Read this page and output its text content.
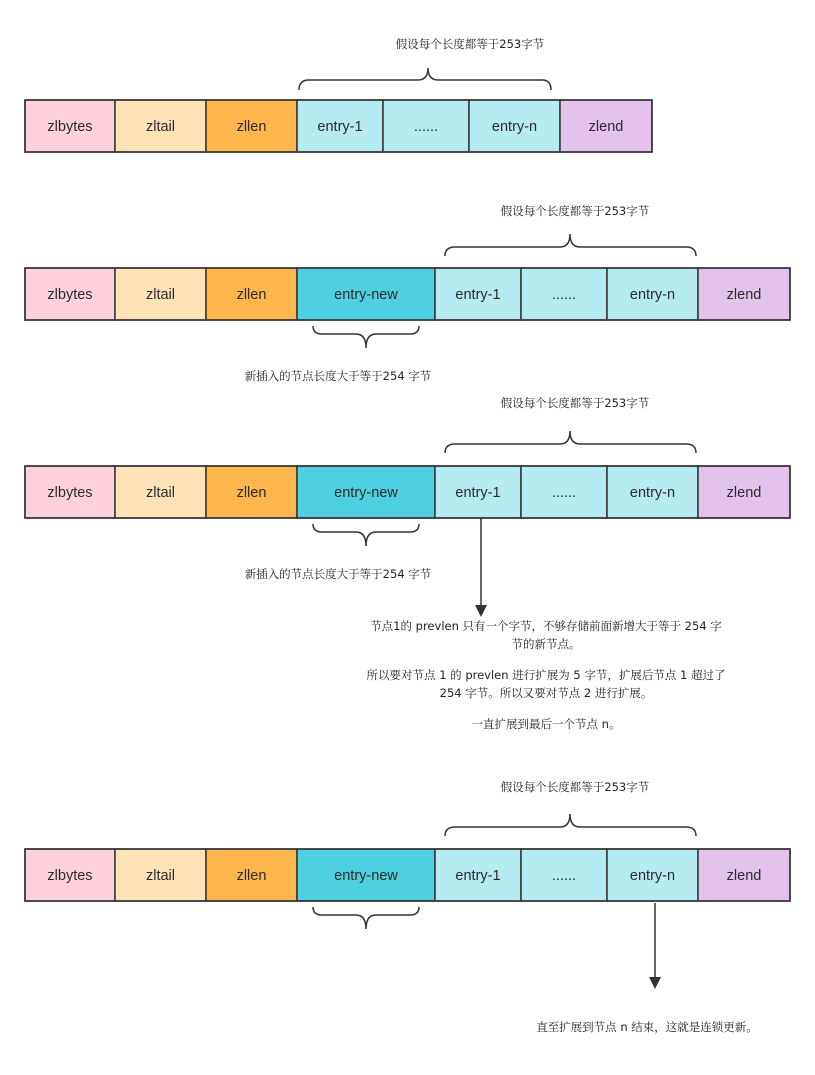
zlbytes	zltail	zllen	entry-1	......	entry-n	zlend
假设每个长度都等于253字节
zlbytes	zltail	zllen	entry-new	entry-1	......	entry-n	zlend
假设每个长度都等于253字节
新插入的节点长度大于等于254 字节
zlbytes	zltail	zllen	entry-new	entry-1	......	entry-n	zlend
假设每个长度都等于253字节
新插入的节点长度大于等于254 字节
节点1的 prevlen 只有一个字节，不够存储前面新增大于等于 254 字
节的新节点。
所以要对节点 1 的 prevlen 进行扩展为 5 字节，扩展后节点 1 超过了
254 字节。所以又要对节点 2 进行扩展。
一直扩展到最后一个节点 n。
zlbytes	zltail	zllen	entry-new	entry-1	......	entry-n	zlend
假设每个长度都等于253字节
直至扩展到节点 n 结束，这就是连锁更新。
